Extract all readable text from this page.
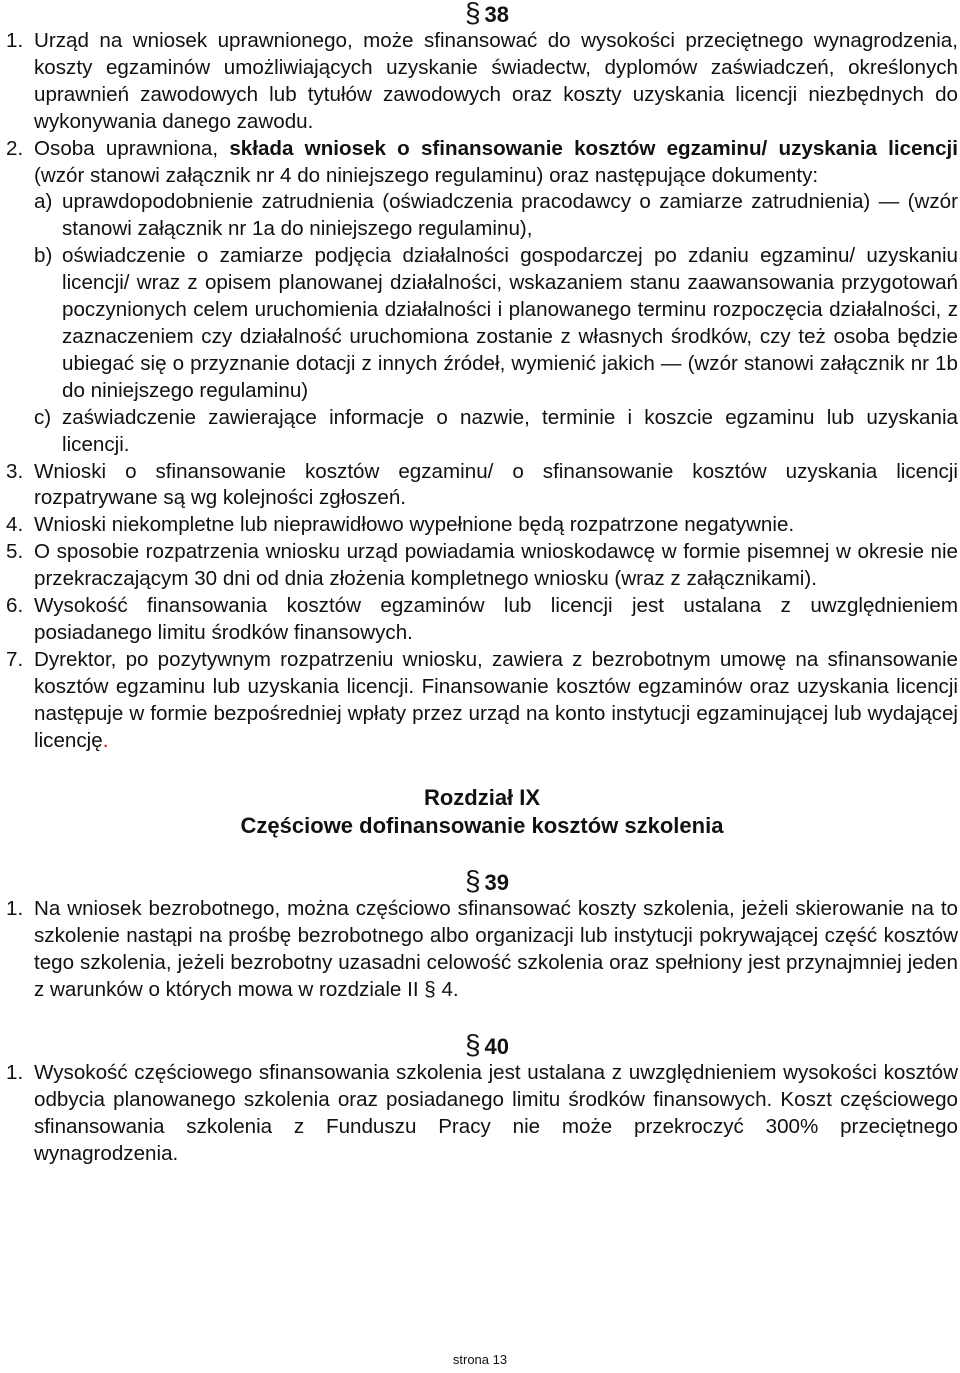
§ 38
1. Urząd na wniosek uprawnionego, może sfinansować do wysokości przeciętnego wynagrodzenia, koszty egzaminów umożliwiających uzyskanie świadectw, dyplomów zaświadczeń, określonych uprawnień zawodowych lub tytułów zawodowych oraz koszty uzyskania licencji niezbędnych do wykonywania danego zawodu.
2. Osoba uprawniona, składa wniosek o sfinansowanie kosztów egzaminu/ uzyskania licencji (wzór stanowi załącznik nr 4 do niniejszego regulaminu) oraz następujące dokumenty:
a) uprawdopodobnienie zatrudnienia (oświadczenia pracodawcy o zamiarze zatrudnienia) — (wzór stanowi załącznik nr 1a do niniejszego regulaminu),
b) oświadczenie o zamiarze podjęcia działalności gospodarczej po zdaniu egzaminu/ uzyskaniu licencji/ wraz z opisem planowanej działalności, wskazaniem stanu zaawansowania przygotowań poczynionych celem uruchomienia działalności i planowanego terminu rozpoczęcia działalności, z zaznaczeniem czy działalność uruchomiona zostanie z własnych środków, czy też osoba będzie ubiegać się o przyznanie dotacji z innych źródeł, wymienić jakich — (wzór stanowi załącznik nr 1b do niniejszego regulaminu)
c) zaświadczenie zawierające informacje o nazwie, terminie i koszcie egzaminu lub uzyskania licencji.
3. Wnioski o sfinansowanie kosztów egzaminu/ o sfinansowanie kosztów uzyskania licencji rozpatrywane są wg kolejności zgłoszeń.
4. Wnioski niekompletne lub nieprawidłowo wypełnione będą rozpatrzone negatywnie.
5. O sposobie rozpatrzenia wniosku urząd powiadamia wnioskodawcę w formie pisemnej w okresie nie przekraczającym 30 dni od dnia złożenia kompletnego wniosku (wraz z załącznikami).
6. Wysokość finansowania kosztów egzaminów lub licencji jest ustalana z uwzględnieniem posiadanego limitu środków finansowych.
7. Dyrektor, po pozytywnym rozpatrzeniu wniosku, zawiera z bezrobotnym umowę na sfinansowanie kosztów egzaminu lub uzyskania licencji. Finansowanie kosztów egzaminów oraz uzyskania licencji następuje w formie bezpośredniej wpłaty przez urząd na konto instytucji egzaminującej lub wydającej licencję.
Rozdział IX
Częściowe dofinansowanie kosztów szkolenia
§ 39
1. Na wniosek bezrobotnego, można częściowo sfinansować koszty szkolenia, jeżeli skierowanie na to szkolenie nastąpi na prośbę bezrobotnego albo organizacji lub instytucji pokrywającej część kosztów tego szkolenia, jeżeli bezrobotny uzasadni celowość szkolenia oraz spełniony jest przynajmniej jeden z warunków o których mowa w rozdziale II § 4.
§ 40
1. Wysokość częściowego sfinansowania szkolenia jest ustalana z uwzględnieniem wysokości kosztów odbycia planowanego szkolenia oraz posiadanego limitu środków finansowych. Koszt częściowego sfinansowania szkolenia z Funduszu Pracy nie może przekroczyć 300% przeciętnego wynagrodzenia.
strona 13
